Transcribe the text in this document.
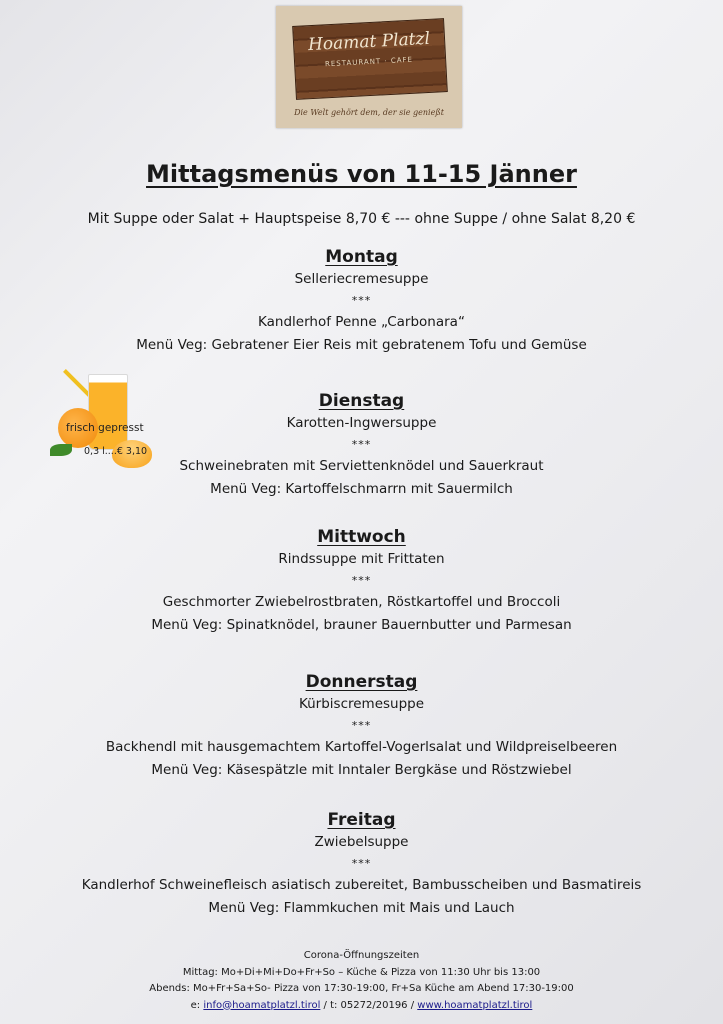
Hoamat Platzl
RESTAURANT · CAFE
Die Welt gehört dem, der sie genießt
Mittagsmenüs von 11-15 Jänner
Mit Suppe oder Salat + Hauptspeise 8,70 € --- ohne Suppe / ohne Salat 8,20 €
frisch gepresst
0,3 l....€ 3,10
Montag
Selleriecremesuppe
***
Kandlerhof Penne „Carbonara“
Menü Veg: Gebratener Eier Reis mit gebratenem Tofu und Gemüse
Dienstag
Karotten-Ingwersuppe
***
Schweinebraten mit Serviettenknödel und Sauerkraut
Menü Veg: Kartoffelschmarrn mit Sauermilch
Mittwoch
Rindssuppe mit Frittaten
***
Geschmorter Zwiebelrostbraten, Röstkartoffel und Broccoli
Menü Veg: Spinatknödel, brauner Bauernbutter und Parmesan
Donnerstag
Kürbiscremesuppe
***
Backhendl mit hausgemachtem Kartoffel-Vogerlsalat und Wildpreiselbeeren
Menü Veg: Käsespätzle mit Inntaler Bergkäse und Röstzwiebel
Freitag
Zwiebelsuppe
***
Kandlerhof Schweinefleisch asiatisch zubereitet, Bambusscheiben und Basmatireis
Menü Veg: Flammkuchen mit Mais und Lauch
Corona-Öffnungszeiten
Mittag: Mo+Di+Mi+Do+Fr+So – Küche & Pizza von 11:30 Uhr bis 13:00
Abends: Mo+Fr+Sa+So- Pizza von 17:30-19:00, Fr+Sa Küche am Abend 17:30-19:00
e: info@hoamatplatzl.tirol / t: 05272/20196 / www.hoamatplatzl.tirol
